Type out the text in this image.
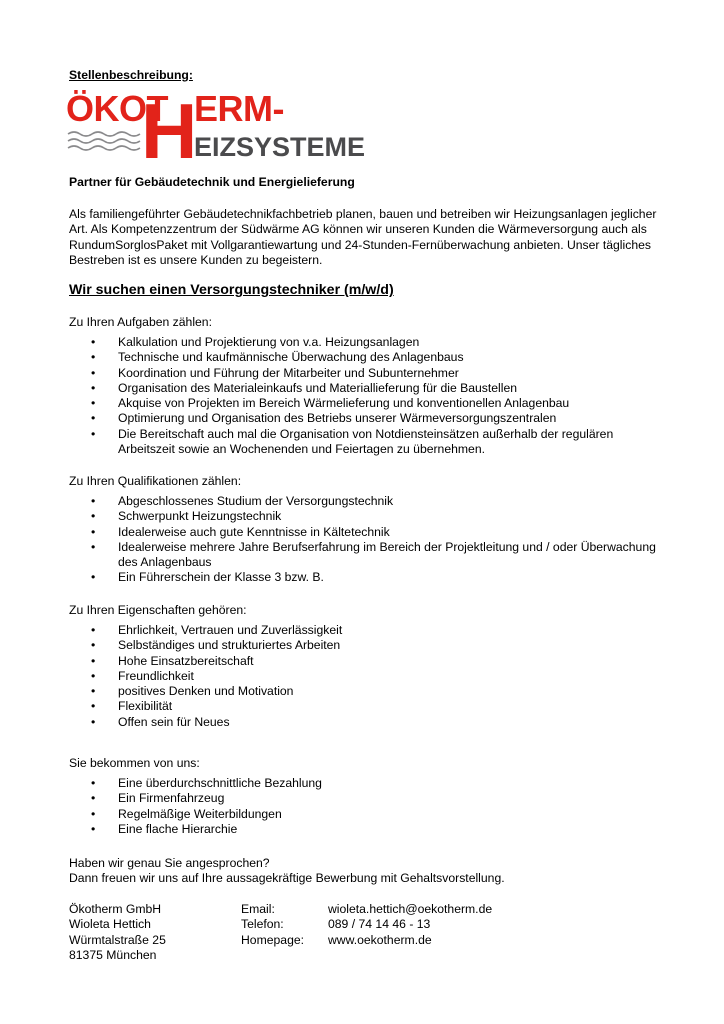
Stellenbeschreibung:
ÖKOT
H
ERM-
EIZSYSTEME
Partner für Gebäudetechnik und Energielieferung
Als familiengeführter Gebäudetechnikfachbetrieb planen, bauen und betreiben wir Heizungsanlagen jeglicher
Art. Als Kompetenzzentrum der Südwärme AG können wir unseren Kunden die Wärmeversorgung auch als
RundumSorglosPaket mit Vollgarantiewartung und 24-Stunden-Fernüberwachung anbieten. Unser tägliches
Bestreben ist es unsere Kunden zu begeistern.
Wir suchen einen Versorgungstechniker (m/w/d)
Zu Ihren Aufgaben zählen:
• Kalkulation und Projektierung von v.a. Heizungsanlagen
• Technische und kaufmännische Überwachung des Anlagenbaus
• Koordination und Führung der Mitarbeiter und Subunternehmer
• Organisation des Materialeinkaufs und Materiallieferung für die Baustellen
• Akquise von Projekten im Bereich Wärmelieferung und konventionellen Anlagenbau
• Optimierung und Organisation des Betriebs unserer Wärmeversorgungszentralen
• Die Bereitschaft auch mal die Organisation von Notdiensteinsätzen außerhalb der regulären
Arbeitszeit sowie an Wochenenden und Feiertagen zu übernehmen.
Zu Ihren Qualifikationen zählen:
• Abgeschlossenes Studium der Versorgungstechnik
• Schwerpunkt Heizungstechnik
• Idealerweise auch gute Kenntnisse in Kältetechnik
• Idealerweise mehrere Jahre Berufserfahrung im Bereich der Projektleitung und / oder Überwachung
des Anlagenbaus
• Ein Führerschein der Klasse 3 bzw. B.
Zu Ihren Eigenschaften gehören:
• Ehrlichkeit, Vertrauen und Zuverlässigkeit
• Selbständiges und strukturiertes Arbeiten
• Hohe Einsatzbereitschaft
• Freundlichkeit
• positives Denken und Motivation
• Flexibilität
• Offen sein für Neues
Sie bekommen von uns:
• Eine überdurchschnittliche Bezahlung
• Ein Firmenfahrzeug
• Regelmäßige Weiterbildungen
• Eine flache Hierarchie
Haben wir genau Sie angesprochen?
Dann freuen wir uns auf Ihre aussagekräftige Bewerbung mit Gehaltsvorstellung.
Ökotherm GmbH	Email:	wioleta.hettich@oekotherm.de
Wioleta Hettich	Telefon:	089 / 74 14 46 - 13
Würmtalstraße 25	Homepage: www.oekotherm.de
81375 München
